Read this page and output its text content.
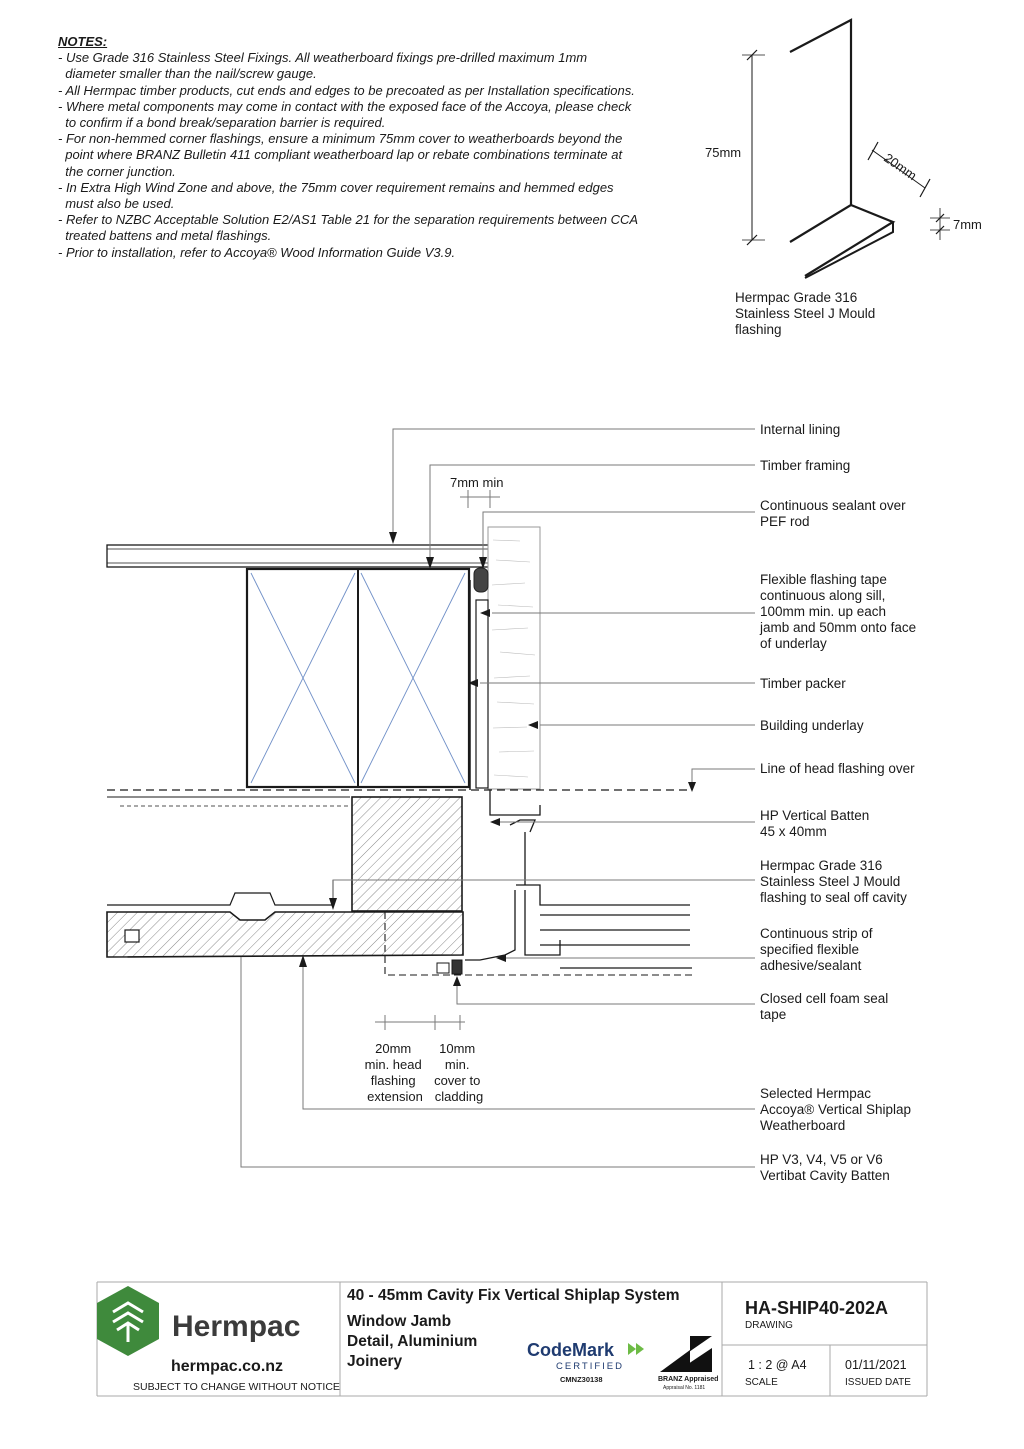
NOTES:
- Use Grade 316 Stainless Steel Fixings. All weatherboard fixings pre-drilled maximum 1mm
diameter smaller than the nail/screw gauge.
- All Hermpac timber products, cut ends and edges to be precoated as per Installation specifications.
- Where metal components may come in contact with the exposed face of the Accoya, please check
to confirm if a bond break/separation barrier is required.
- For non-hemmed corner flashings, ensure a minimum 75mm cover to weatherboards beyond the
point where BRANZ Bulletin 411 compliant weatherboard lap or rebate combinations terminate at
the corner junction.
- In Extra High Wind Zone and above, the 75mm cover requirement remains and hemmed edges
must also be used.
- Refer to NZBC Acceptable Solution E2/AS1 Table 21 for the separation requirements between CCA
treated battens and metal flashings.
- Prior to installation, refer to Accoya® Wood Information Guide V3.9.
75mm	20mm
7mm
Hermpac Grade 316 Stainless Steel J Mould flashing
Internal lining
Timber framing
Continuous sealant over PEF rod
Flexible flashing tape continuous along sill, 100mm min. up each jamb and 50mm onto face of underlay
Timber packer
Building underlay
Line of head flashing over
HP Vertical Batten 45 x 40mm
Hermpac Grade 316 Stainless Steel J Mould flashing to seal off cavity
Continuous strip of specified flexible adhesive/sealant
Closed cell foam seal tape
Selected Hermpac Accoya® Vertical Shiplap Weatherboard
HP V3, V4, V5 or V6 Vertibat Cavity Batten
7mm min
20mm min. head flashing extension
10mm min. cover to cladding
Hermpac
hermpac.co.nz
SUBJECT TO CHANGE WITHOUT NOTICE
40 - 45mm Cavity Fix Vertical Shiplap System
Window Jamb Detail, Aluminium Joinery
CodeMark
CERTIFIED
CMNZ30138	BRANZ Appraised
Appraisal No. 1181
HA-SHIP40-202A
DRAWING
1 : 2 @ A4
SCALE
01/11/2021
ISSUED DATE
